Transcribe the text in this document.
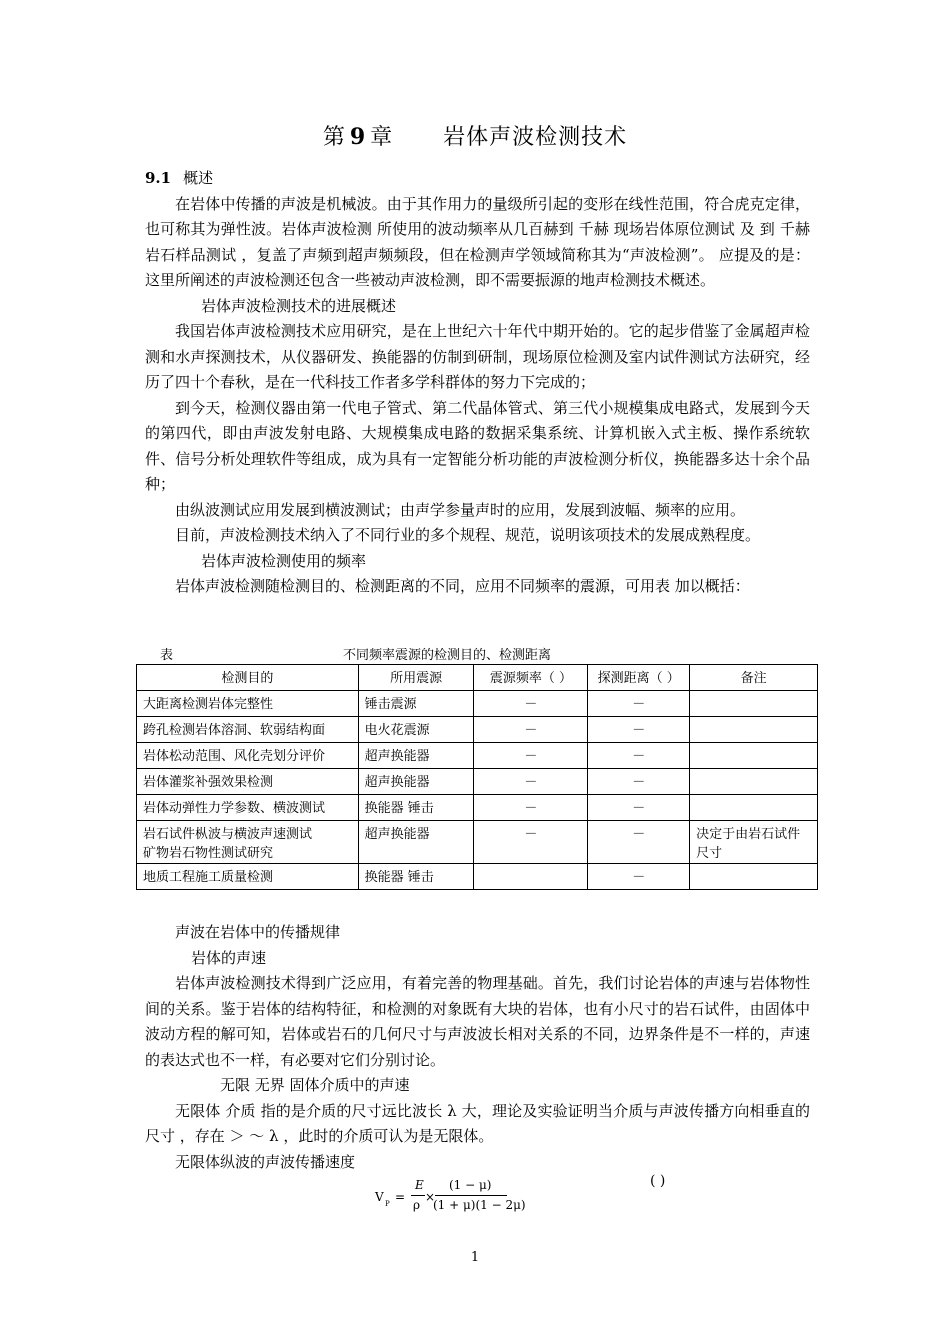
第 9 章 岩体声波检测技术

9.1 概述

在岩体中传播的声波是机械波。由于其作用力的量级所引起的变形在线性范围，符合虎克定律，也可称其为弹性波。岩体声波检测 所使用的波动频率从几百赫到 千赫 现场岩体原位测试 及 到 千赫 岩石样品测试 ，复盖了声频到超声频频段，但在检测声学领域简称其为“声波检测”。 应提及的是：这里所阐述的声波检测还包含一些被动声波检测，即不需要振源的地声检测技术概述。

岩体声波检测技术的进展概述

我国岩体声波检测技术应用研究，是在上世纪六十年代中期开始的。它的起步借鉴了金属超声检测和水声探测技术，从仪器研发、换能器的仿制到研制，现场原位检测及室内试件测试方法研究，经历了四十个春秋，是在一代科技工作者多学科群体的努力下完成的；

到今天，检测仪器由第一代电子管式、第二代晶体管式、第三代小规模集成电路式，发展到今天的第四代，即由声波发射电路、大规模集成电路的数据采集系统、计算机嵌入式主板、操作系统软件、信号分析处理软件等组成，成为具有一定智能分析功能的声波检测分析仪，换能器多达十余个品种；

由纵波测试应用发展到横波测试；由声学参量声时的应用，发展到波幅、频率的应用。

目前，声波检测技术纳入了不同行业的多个规程、规范，说明该项技术的发展成熟程度。

岩体声波检测使用的频率

岩体声波检测随检测目的、检测距离的不同，应用不同频率的震源，可用表 加以概括：

表	不同频率震源的检测目的、检测距离
检测目的	所用震源	震源频率（ ）	探测距离（ ）	备注
大距离检测岩体完整性	锤击震源	－	－	
跨孔检测岩体溶洞、软弱结构面	电火花震源	－	－	
岩体松动范围、风化壳划分评价	超声换能器	－	－	
岩体灌浆补强效果检测	超声换能器	－	－	
岩体动弹性力学参数、横波测试	换能器 锤击	－	－	

岩石试件枞波与横波声速测试
矿物岩石物性测试研究	超声换能器	－	－	决定于由岩石试件尺寸
地质工程施工质量检测	换能器 锤击		－	

声波在岩体中的传播规律

岩体的声速

岩体声波检测技术得到广泛应用，有着完善的物理基础。首先，我们讨论岩体的声速与岩体物性间的关系。鉴于岩体的结构特征，和检测的对象既有大块的岩体，也有小尺寸的岩石试件，由固体中波动方程的解可知，岩体或岩石的几何尺寸与声波波长相对关系的不同，边界条件是不一样的，声速的表达式也不一样，有必要对它们分别讨论。

无限 无界 固体介质中的声速

无限体 介质 指的是介质的尺寸远比波长 λ 大，理论及实验证明当介质与声波传播方向相垂直的尺寸 ，存在 ＞ ～ λ ，此时的介质可认为是无限体。

无限体纵波的声波传播速度

V P =
E
ρ
×
(1 − μ)
(1 + μ)(1 − 2μ)
( )
1
